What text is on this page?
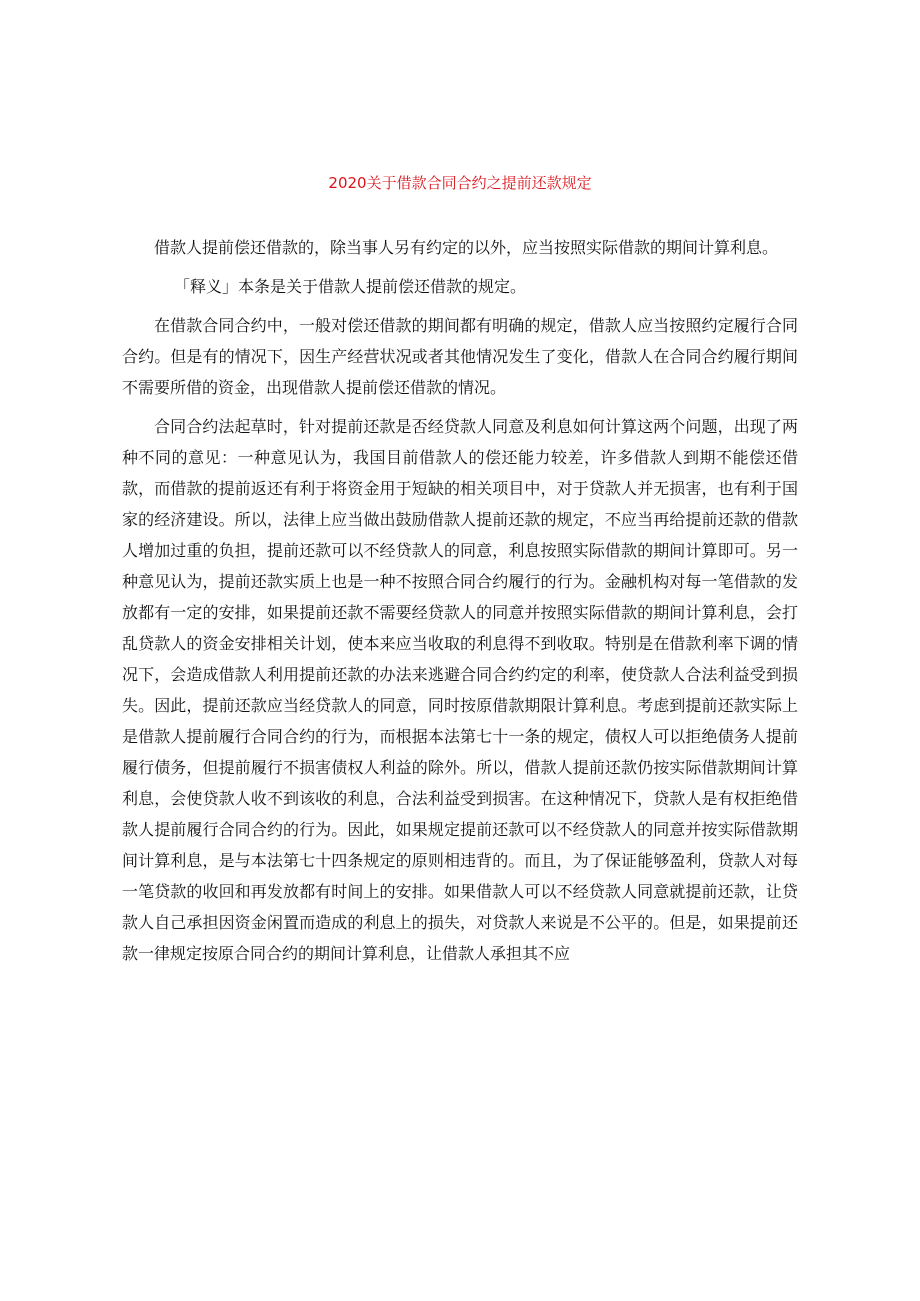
2020关于借款合同合约之提前还款规定

借款人提前偿还借款的，除当事人另有约定的以外，应当按照实际借款的期间计算利息。

「释义」本条是关于借款人提前偿还借款的规定。

在借款合同合约中，一般对偿还借款的期间都有明确的规定，借款人应当按照约定履行合同合约。但是有的情况下，因生产经营状况或者其他情况发生了变化，借款人在合同合约履行期间不需要所借的资金，出现借款人提前偿还借款的情况。

合同合约法起草时，针对提前还款是否经贷款人同意及利息如何计算这两个问题，出现了两种不同的意见：一种意见认为，我国目前借款人的偿还能力较差，许多借款人到期不能偿还借款，而借款的提前返还有利于将资金用于短缺的相关项目中，对于贷款人并无损害，也有利于国家的经济建设。所以，法律上应当做出鼓励借款人提前还款的规定，不应当再给提前还款的借款人增加过重的负担，提前还款可以不经贷款人的同意，利息按照实际借款的期间计算即可。另一种意见认为，提前还款实质上也是一种不按照合同合约履行的行为。金融机构对每一笔借款的发放都有一定的安排，如果提前还款不需要经贷款人的同意并按照实际借款的期间计算利息，会打乱贷款人的资金安排相关计划，使本来应当收取的利息得不到收取。特别是在借款利率下调的情况下，会造成借款人利用提前还款的办法来逃避合同合约约定的利率，使贷款人合法利益受到损失。因此，提前还款应当经贷款人的同意，同时按原借款期限计算利息。考虑到提前还款实际上是借款人提前履行合同合约的行为，而根据本法第七十一条的规定，债权人可以拒绝债务人提前履行债务，但提前履行不损害债权人利益的除外。所以，借款人提前还款仍按实际借款期间计算利息，会使贷款人收不到该收的利息，合法利益受到损害。在这种情况下，贷款人是有权拒绝借款人提前履行合同合约的行为。因此，如果规定提前还款可以不经贷款人的同意并按实际借款期间计算利息，是与本法第七十四条规定的原则相违背的。而且，为了保证能够盈利，贷款人对每一笔贷款的收回和再发放都有时间上的安排。如果借款人可以不经贷款人同意就提前还款，让贷款人自己承担因资金闲置而造成的利息上的损失，对贷款人来说是不公平的。但是，如果提前还款一律规定按原合同合约的期间计算利息，让借款人承担其不应
